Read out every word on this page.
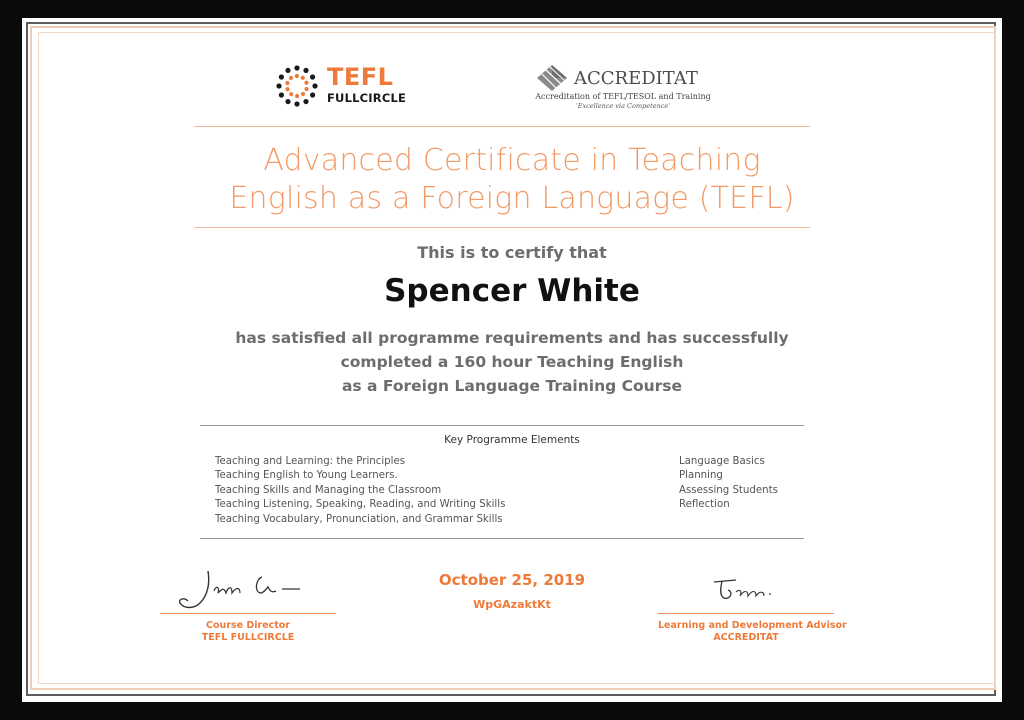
TEFL
FULLCIRCLE
ACCREDITAT
Accreditation of TEFL/TESOL and Training
'Excellence via Competence'
Advanced Certificate in Teaching
English as a Foreign Language (TEFL)
This is to certify that
Spencer White
has satisfied all programme requirements and has successfully
completed a 160 hour Teaching English
as a Foreign Language Training Course
Key Programme Elements
Teaching and Learning: the Principles
Teaching English to Young Learners.
Teaching Skills and Managing the Classroom
Teaching Listening, Speaking, Reading, and Writing Skills
Teaching Vocabulary, Pronunciation, and Grammar Skills
Language Basics
Planning
Assessing Students
Reflection
Course Director
TEFL FULLCIRCLE
October 25, 2019
WpGAzaktKt
Learning and Development Advisor
ACCREDITAT
